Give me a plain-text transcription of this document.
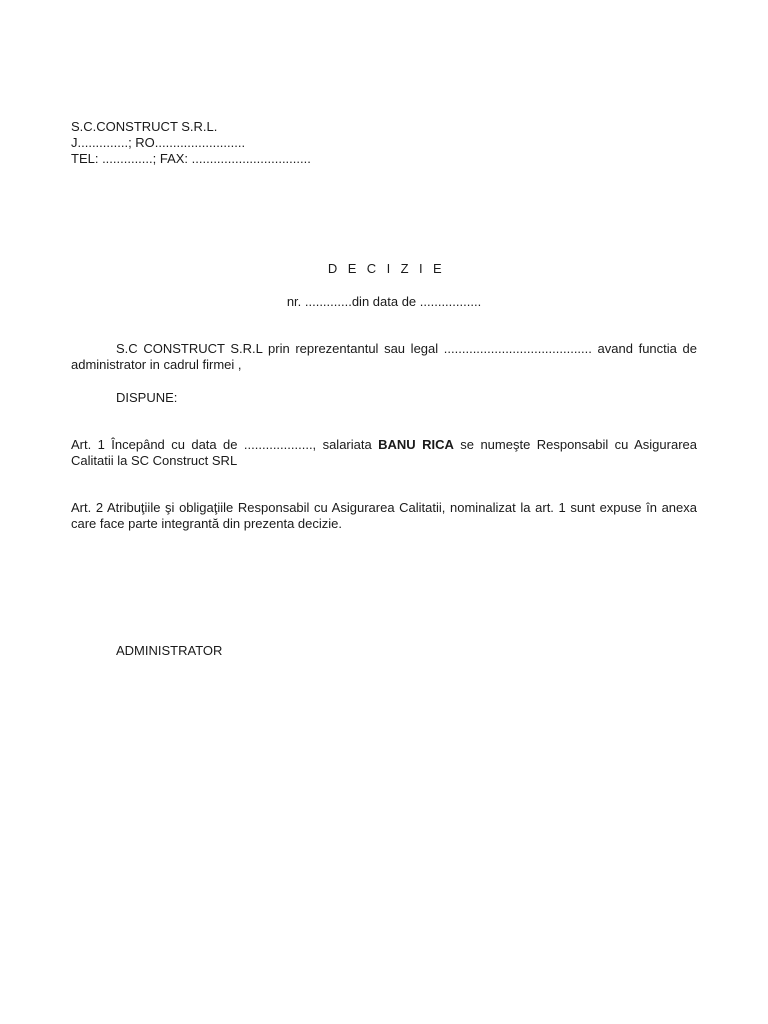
S.C.CONSTRUCT S.R.L.
J..............; RO.........................
TEL: ..............; FAX: .................................
D E C I Z I E
nr. .............din data de .................
S.C CONSTRUCT S.R.L prin reprezentantul sau legal ......................................... avand functia de administrator in cadrul firmei ,
DISPUNE:
Art. 1 Începând cu data de ..................., salariata BANU RICA se numeşte Responsabil cu Asigurarea Calitatii la SC Construct SRL
Art. 2 Atribuţiile şi obligaţiile Responsabil cu Asigurarea Calitatii, nominalizat la art. 1 sunt expuse în anexa care face parte integrantă din prezenta decizie.
ADMINISTRATOR
